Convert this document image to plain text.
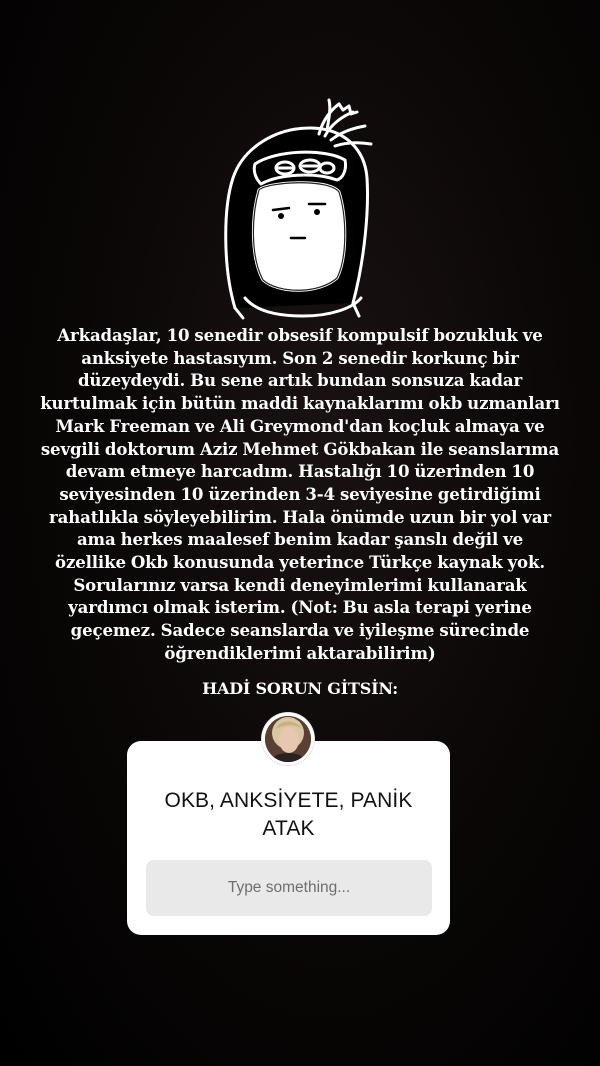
Arkadaşlar, 10 senedir obsesif kompulsif bozukluk ve anksiyete hastasıyım. Son 2 senedir korkunç bir düzeydeydi. Bu sene artık bundan sonsuza kadar kurtulmak için bütün maddi kaynaklarımı okb uzmanları Mark Freeman ve Ali Greymond'dan koçluk almaya ve sevgili doktorum Aziz Mehmet Gökbakan ile seanslarıma devam etmeye harcadım. Hastalığı 10 üzerinden 10 seviyesinden 10 üzerinden 3-4 seviyesine getirdiğimi rahatlıkla söyleyebilirim. Hala önümde uzun bir yol var ama herkes maalesef benim kadar şanslı değil ve özellike Okb konusunda yeterince Türkçe kaynak yok. Sorularınız varsa kendi deneyimlerimi kullanarak yardımcı olmak isterim. (Not: Bu asla terapi yerine geçemez. Sadece seanslarda ve iyileşme sürecinde öğrendiklerimi aktarabilirim)

HADİ SORUN GİTSİN:
OKB, ANKSİYETE, PANİK ATAK
Type something...
